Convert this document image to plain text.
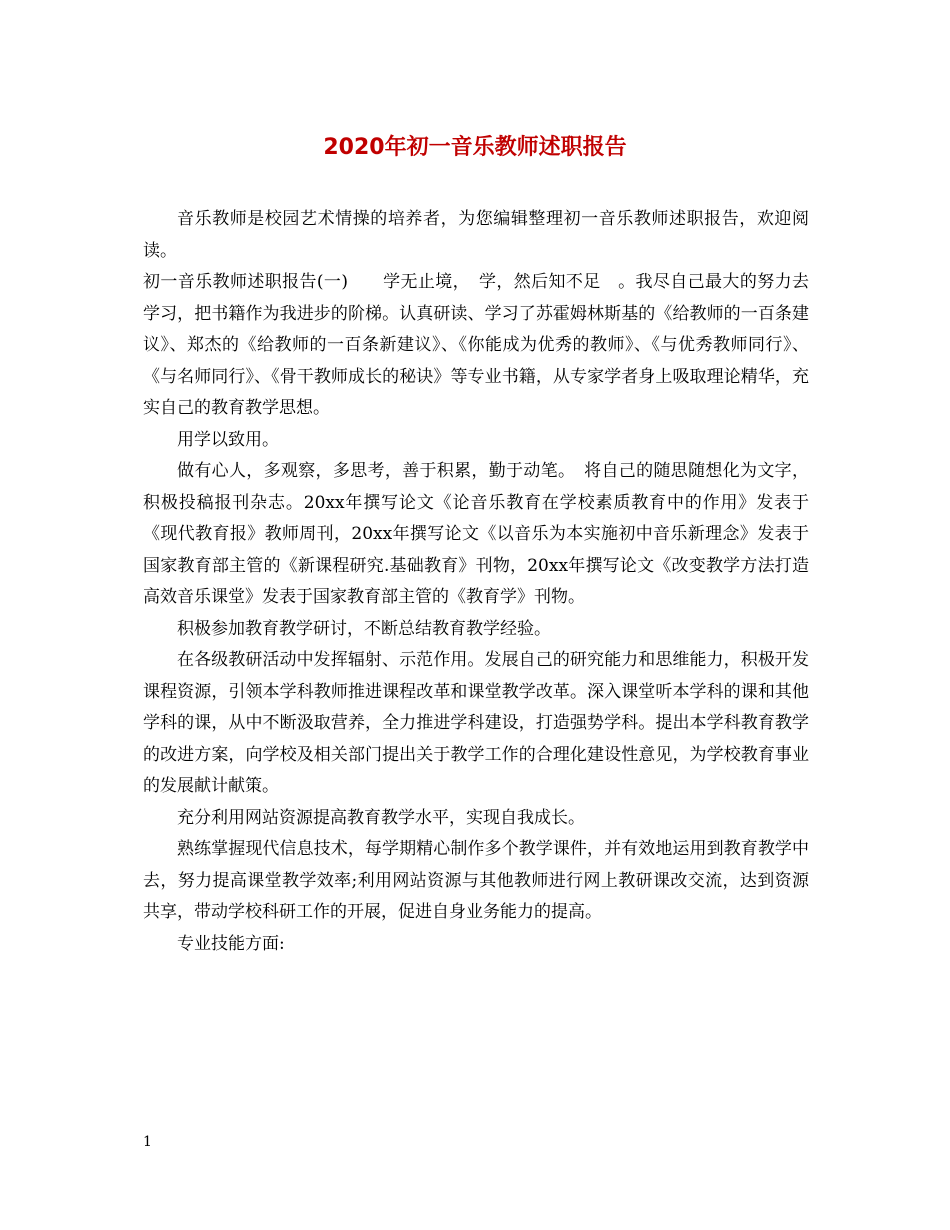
2020年初一音乐教师述职报告

音乐教师是校园艺术情操的培养者，为您编辑整理初一音乐教师述职报告，欢迎阅读。

初一音乐教师述职报告(一)　　学无止境，　学，然后知不足　。我尽自己最大的努力去学习，把书籍作为我进步的阶梯。认真研读、学习了苏霍姆林斯基的《给教师的一百条建议》、郑杰的《给教师的一百条新建议》、《你能成为优秀的教师》、《与优秀教师同行》、《与名师同行》、《骨干教师成长的秘诀》等专业书籍，从专家学者身上吸取理论精华，充实自己的教育教学思想。

用学以致用。

做有心人，多观察，多思考，善于积累，勤于动笔。　将自己的随思随想化为文字，积极投稿报刊杂志。20xx年撰写论文《论音乐教育在学校素质教育中的作用》发表于《现代教育报》教师周刊，20xx年撰写论文《以音乐为本实施初中音乐新理念》发表于国家教育部主管的《新课程研究.基础教育》刊物，20xx年撰写论文《改变教学方法打造高效音乐课堂》发表于国家教育部主管的《教育学》刊物。

积极参加教育教学研讨，不断总结教育教学经验。

在各级教研活动中发挥辐射、示范作用。发展自己的研究能力和思维能力，积极开发课程资源，引领本学科教师推进课程改革和课堂教学改革。深入课堂听本学科的课和其他学科的课，从中不断汲取营养，全力推进学科建设，打造强势学科。提出本学科教育教学的改进方案，向学校及相关部门提出关于教学工作的合理化建设性意见，为学校教育事业的发展献计献策。

充分利用网站资源提高教育教学水平，实现自我成长。

熟练掌握现代信息技术，每学期精心制作多个教学课件，并有效地运用到教育教学中去，努力提高课堂教学效率;利用网站资源与其他教师进行网上教研课改交流，达到资源共享，带动学校科研工作的开展，促进自身业务能力的提高。

专业技能方面:

1
